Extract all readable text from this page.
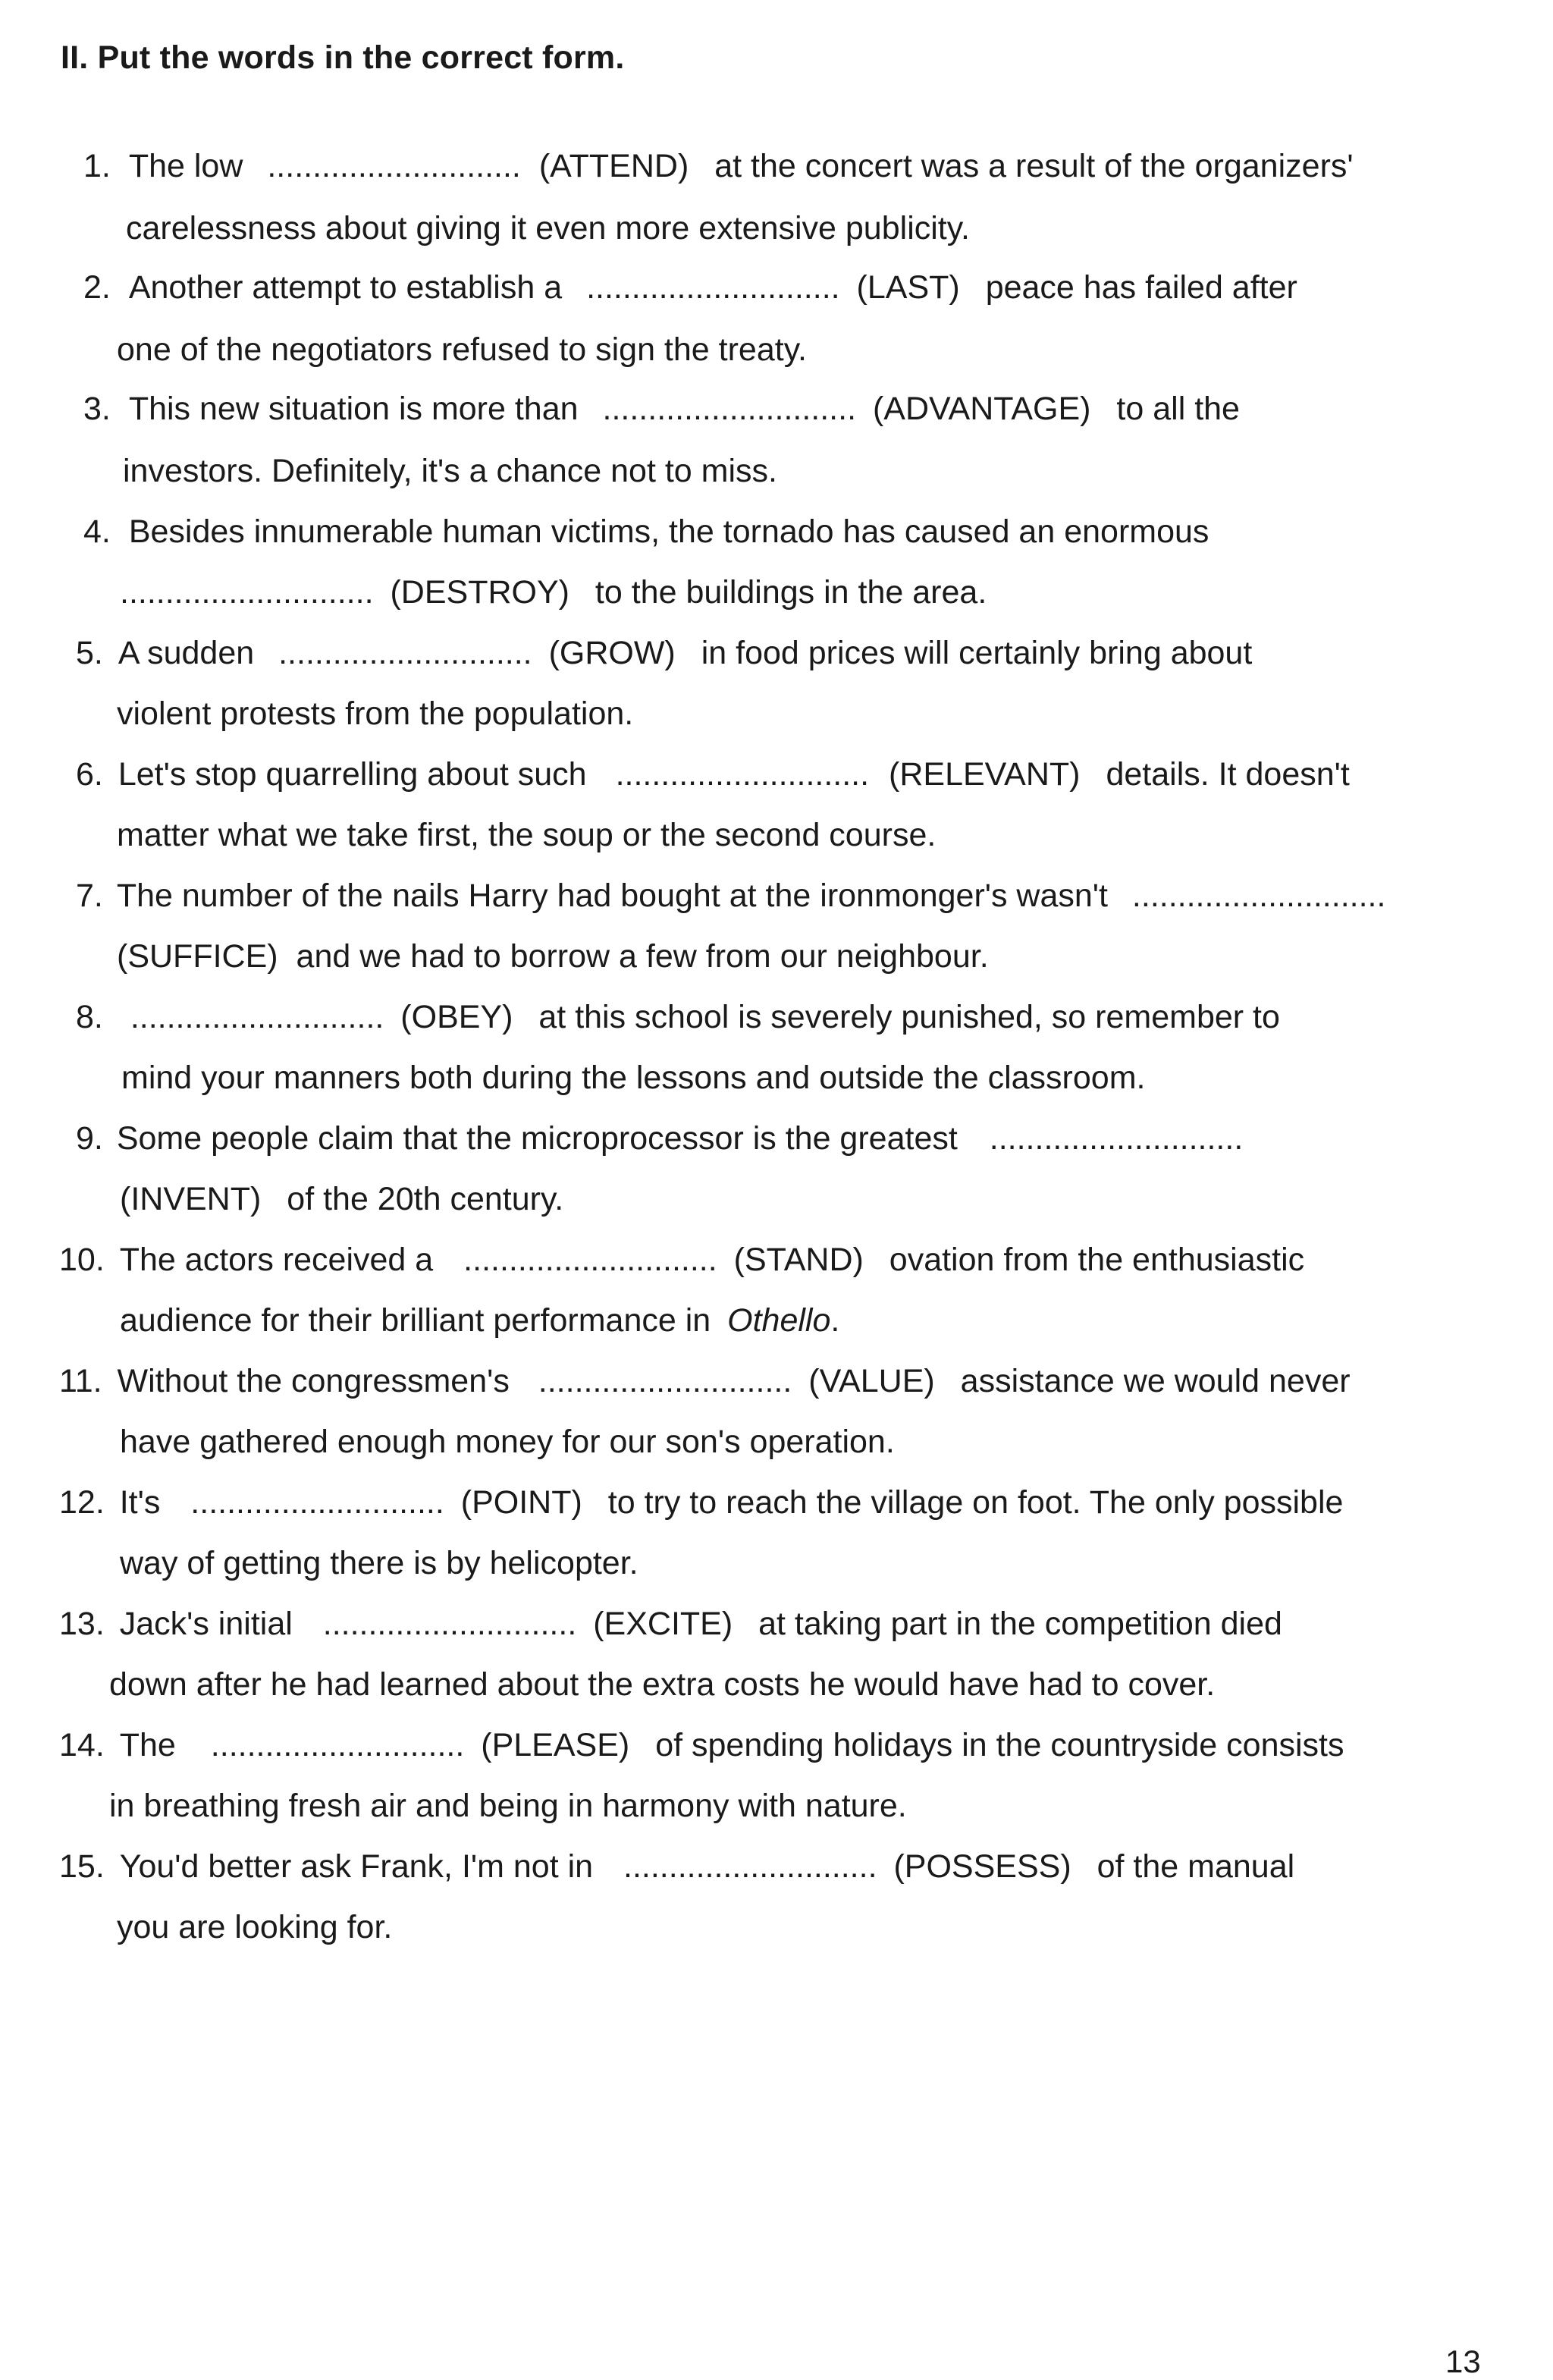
II. Put the words in the correct form.
1. The low ............................ (ATTEND) at the concert was a result of the organizers'
carelessness about giving it even more extensive publicity.
2. Another attempt to establish a ............................ (LAST) peace has failed after
one of the negotiators refused to sign the treaty.
3. This new situation is more than ............................ (ADVANTAGE) to all the
investors. Definitely, it's a chance not to miss.
4. Besides innumerable human victims, the tornado has caused an enormous
............................ (DESTROY) to the buildings in the area.
5. A sudden ............................ (GROW) in food prices will certainly bring about
violent protests from the population.
6. Let's stop quarrelling about such ............................ (RELEVANT) details. It doesn't
matter what we take first, the soup or the second course.
7. The number of the nails Harry had bought at the ironmonger's wasn't ............................
(SUFFICE) and we had to borrow a few from our neighbour.
8. ............................ (OBEY) at this school is severely punished, so remember to
mind your manners both during the lessons and outside the classroom.
9. Some people claim that the microprocessor is the greatest ............................
(INVENT) of the 20th century.
10. The actors received a ............................ (STAND) ovation from the enthusiastic
audience for their brilliant performance in Othello.
11. Without the congressmen's ............................ (VALUE) assistance we would never
have gathered enough money for our son's operation.
12. It's ............................ (POINT) to try to reach the village on foot. The only possible
way of getting there is by helicopter.
13. Jack's initial ............................ (EXCITE) at taking part in the competition died
down after he had learned about the extra costs he would have had to cover.
14. The ............................ (PLEASE) of spending holidays in the countryside consists
in breathing fresh air and being in harmony with nature.
15. You'd better ask Frank, I'm not in ............................ (POSSESS) of the manual
you are looking for.
13
